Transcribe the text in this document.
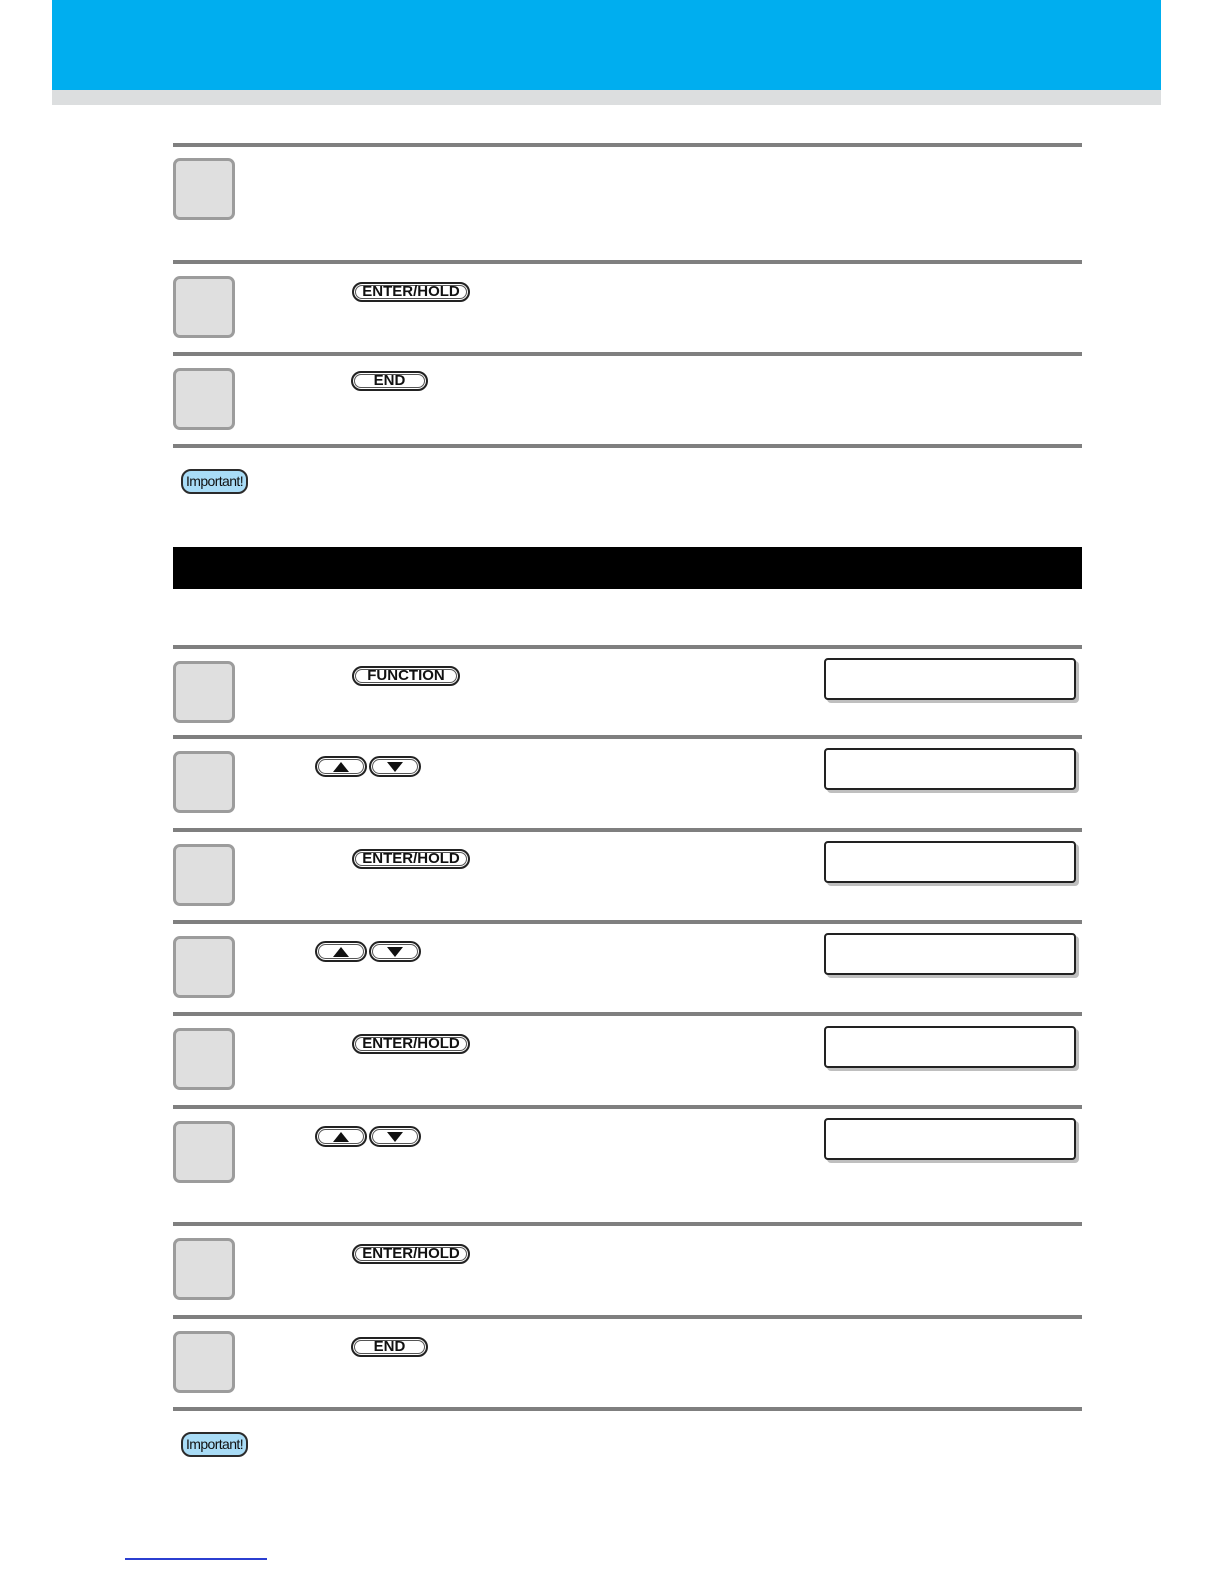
ENTER/HOLD
END
Important!
FUNCTION
ENTER/HOLD
ENTER/HOLD
ENTER/HOLD
END
Important!
